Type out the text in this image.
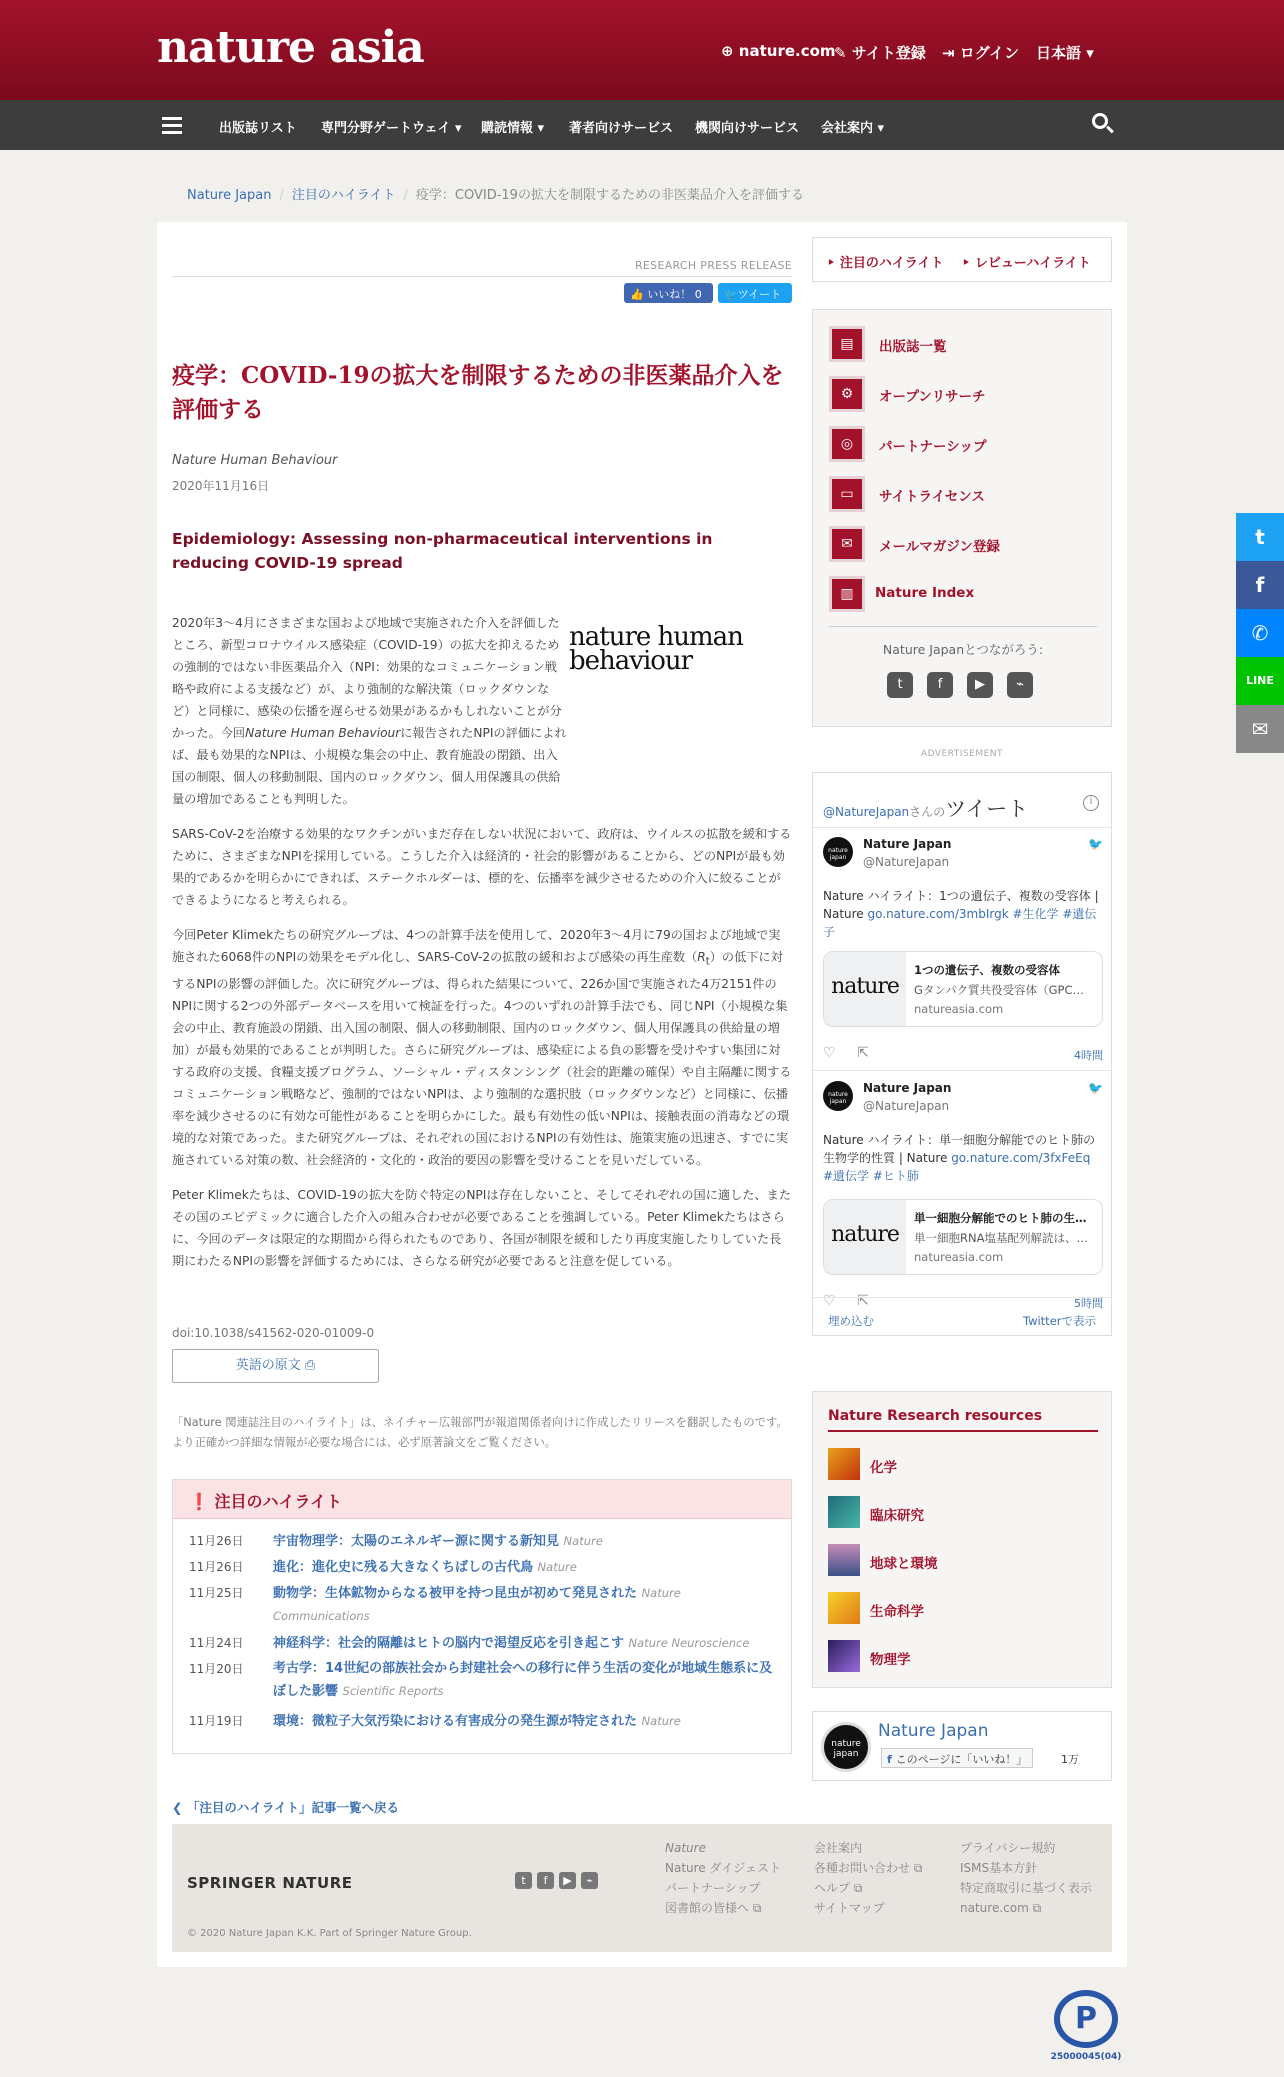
nature asia	⊕ nature.com
✎ サイト登録 ⇥ ログイン 日本語 ▾
出版誌リスト 専門分野ゲートウェイ ▾ 購読情報 ▾ 著者向けサービス 機関向けサービス 会社案内 ▾
Nature Japan / 注目のハイライト / 疫学：COVID-19の拡大を制限するための非医薬品介入を評価する
RESEARCH PRESS RELEASE
👍 いいね！ 0	🐦ツイート
疫学：COVID-19の拡大を制限するための非医薬品介入を評価する
Nature Human Behaviour
2020年11月16日
Epidemiology: Assessing non-pharmaceutical interventions in reducing COVID-19 spread

2020年3～4月にさまざまな国および地域で実施された介入を評価したところ、新型コロナウイルス感染症（COVID-19）の拡大を抑えるための強制的ではない非医薬品介入（NPI：効果的なコミュニケーション戦略や政府による支援など）が、より強制的な解決策（ロックダウンなど）と同様に、感染の伝播を遅らせる効果があるかもしれないことが分かった。今回Nature Human Behaviourに報告されたNPIの評価によれば、最も効果的なNPIは、小規模な集会の中止、教育施設の閉鎖、出入国の制限、個人の移動制限、国内のロックダウン、個人用保護具の供給量の増加であることも判明した。

SARS-CoV-2を治療する効果的なワクチンがいまだ存在しない状況において、政府は、ウイルスの拡散を緩和するために、さまざまなNPIを採用している。こうした介入は経済的・社会的影響があることから、どのNPIが最も効果的であるかを明らかにできれば、ステークホルダーは、標的を、伝播率を減少させるための介入に絞ることができるようになると考えられる。

今回Peter Klimekたちの研究グループは、4つの計算手法を使用して、2020年3～4月に79の国および地域で実施された6068件のNPIの効果をモデル化し、SARS-CoV-2の拡散の緩和および感染の再生産数$(R_t)$の低下に対するNPIの影響の評価した。次に研究グループは、得られた結果について、226か国で実施された4万2151件のNPIに関する2つの外部データベースを用いて検証を行った。4つのいずれの計算手法でも、同じNPI（小規模な集会の中止、教育施設の閉鎖、出入国の制限、個人の移動制限、国内のロックダウン、個人用保護具の供給量の増加）が最も効果的であることが判明した。さらに研究グループは、感染症による負の影響を受けやすい集団に対する政府の支援、食糧支援プログラム、ソーシャル・ディスタンシング（社会的距離の確保）や自主隔離に関するコミュニケーション戦略など、強制的ではないNPIは、より強制的な選択肢（ロックダウンなど）と同様に、伝播率を減少させるのに有効な可能性があることを明らかにした。最も有効性の低いNPIは、接触表面の消毒などの環境的な対策であった。また研究グループは、それぞれの国におけるNPIの有効性は、施策実施の迅速さ、すでに実施されている対策の数、社会経済的・文化的・政治的要因の影響を受けることを見いだしている。

Peter Klimekたちは、COVID-19の拡大を防ぐ特定のNPIは存在しないこと、そしてそれぞれの国に適した、またその国のエピデミックに適合した介入の組み合わせが必要であることを強調している。Peter Klimekたちはさらに、今回のデータは限定的な期間から得られたものであり、各国が制限を緩和したり再度実施したりしていた長期にわたるNPIの影響を評価するためには、さらなる研究が必要であると注意を促している。

nature human behaviour
doi:10.1038/s41562-020-01009-0
英語の原文 ⎙
「Nature 関連誌注目のハイライト」は、ネイチャー広報部門が報道関係者向けに作成したリリースを翻訳したものです。より正確かつ詳細な情報が必要な場合には、必ず原著論文をご覧ください。
❗ 注目のハイライト
11月26日 宇宙物理学：太陽のエネルギー源に関する新知見 Nature
11月26日 進化：進化史に残る大きなくちばしの古代鳥 Nature
11月25日 動物学：生体鉱物からなる被甲を持つ昆虫が初めて発見された Nature Communications
11月24日 神経科学：社会的隔離はヒトの脳内で渇望反応を引き起こす Nature Neuroscience
11月20日 考古学：14世紀の部族社会から封建社会への移行に伴う生活の変化が地域生態系に及ぼした影響 Scientific Reports
11月19日 環境：微粒子大気汚染における有害成分の発生源が特定された Nature
❮ 「注目のハイライト」記事一覧へ戻る
‣ 注目のハイライト ‣ レビューハイライト
▤	出版誌一覧
⚙	オープンリサーチ
◎	パートナーシップ
▭	サイトライセンス
✉	メールマガジン登録
▥	Nature Index
Nature Japanとつながろう:
t	f	▶	⌁
ADVERTISEMENT
@NatureJapanさんのツイート	i
nature
japan
Nature Japan
@NatureJapan
🐦
Nature ハイライト：1つの遺伝子、複数の受容体 | Nature go.nature.com/3mbIrgk #生化学 #遺伝子
nature
1つの遺伝子、複数の受容体
Gタンパク質共役受容体（GPC…
natureasia.com
♡ ⇱	4時間
nature
japan
Nature Japan
@NatureJapan
🐦
Nature ハイライト：単一細胞分解能でのヒト肺の生物学的性質 | Nature go.nature.com/3fxFeEq #遺伝学 #ヒト肺
nature
単一細胞分解能でのヒト肺の生…
単一細胞RNA塩基配列解読は、…
natureasia.com
♡ ⇱	5時間
埋め込む	Twitterで表示
Nature Research resources
化学
臨床研究
地球と環境
生命科学
物理学
nature
japan
Nature Japan
f このページに「いいね！」	1万
SPRINGER NATURE	t	f	▶	⌁
Nature
Nature ダイジェスト
パートナーシップ
図書館の皆様へ ⧉
会社案内
各種お問い合わせ ⧉
ヘルプ ⧉
サイトマップ
プライバシー規約
ISMS基本方針
特定商取引に基づく表示
nature.com ⧉
© 2020 Nature Japan K.K. Part of Springer Nature Group.
t
f
✆
LINE
✉
P
25000045(04)
